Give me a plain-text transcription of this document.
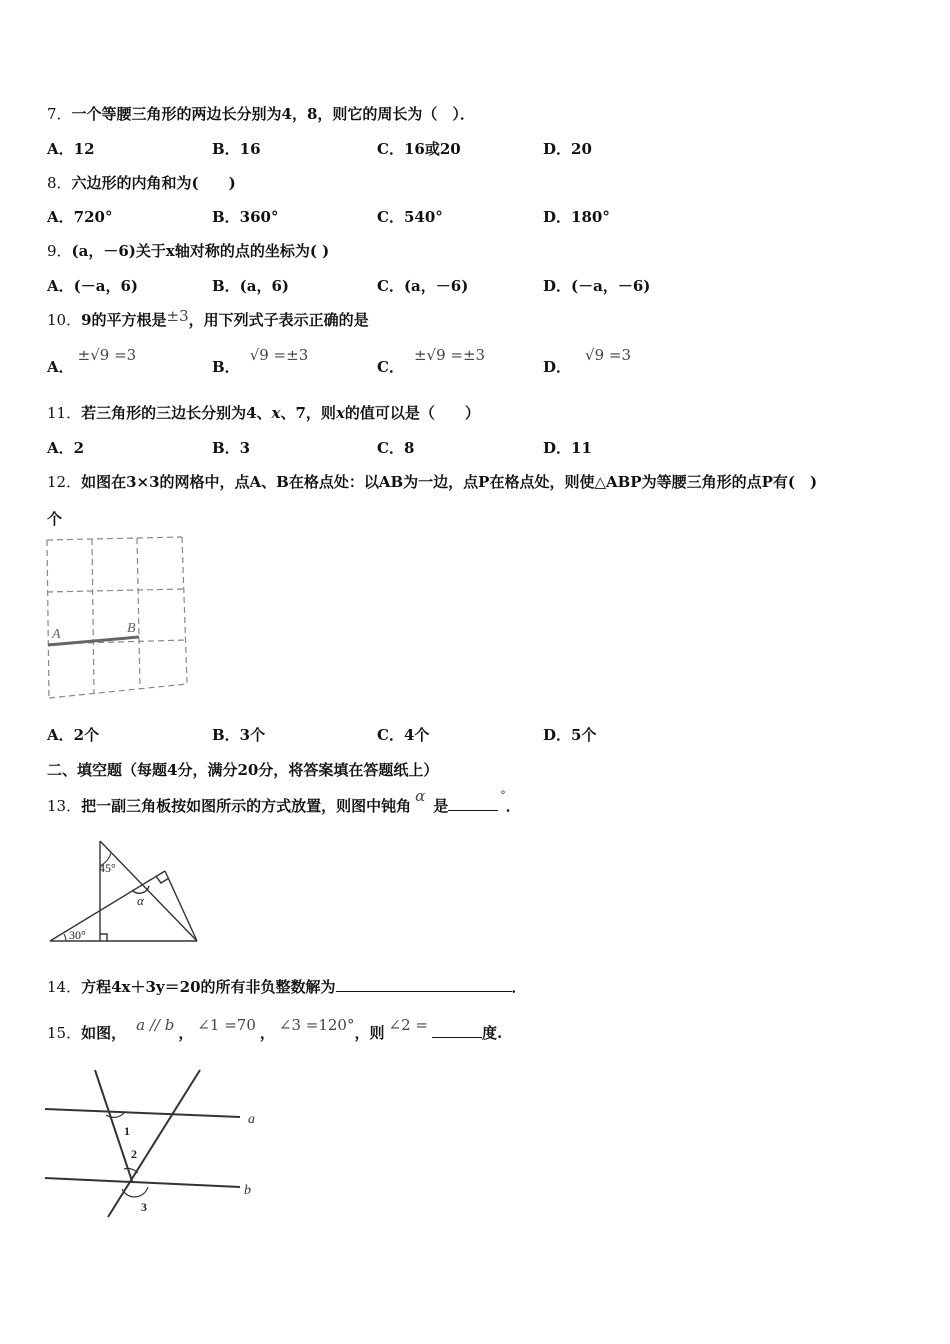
7．一个等腰三角形的两边长分别为4，8，则它的周长为（　）．
A．12	B．16	C．16或20	D．20
8．六边形的内角和为(　　)
A．720°	B．360°	C．540°	D．180°
9．(a，－6)关于x轴对称的点的坐标为( )
A．(－a，6)	B．(a，6)	C．(a，－6)	D．(－a，－6)
10．9的平方根是±3，用下列式子表示正确的是
A．±√9 =3
B．√9 =±3
C．±√9 =±3
D．√9 =3
11．若三角形的三边长分别为4、x、7，则x的值可以是（　　）
A．2	B．3	C．8	D．11
12．如图在3×3的网格中，点A、B在格点处：以AB为一边，点P在格点处，则使△ABP为等腰三角形的点P有(　)
个
A	B
A．2个	B．3个	C．4个	D．5个
二、填空题（每题4分，满分20分，将答案填在答题纸上）
13．把一副三角板按如图所示的方式放置，则图中钝角α是°．
45°
30°
α
14．方程4x＋3y＝20的所有非负整数解为	．
15．如图， a // b ， ∠1 =70 ， ∠3 =120°，则 ∠2 =	度.
a
b
1
2
3
